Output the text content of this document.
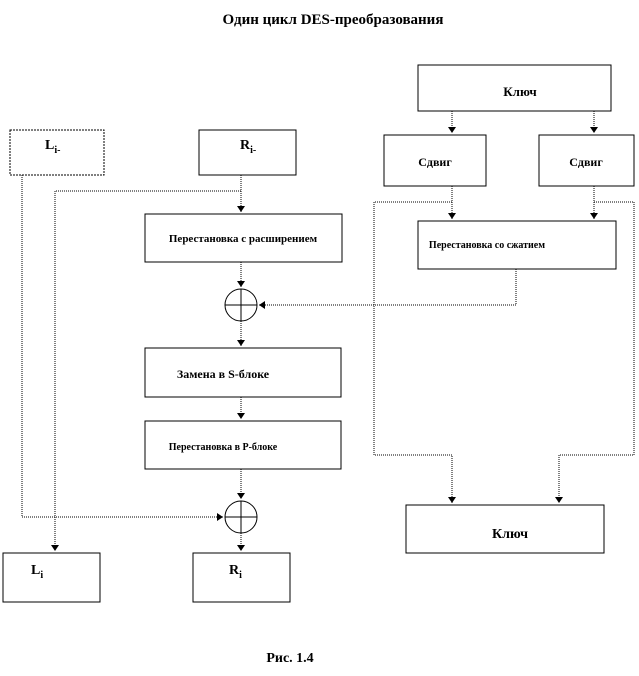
Один цикл DES-преобразования
$L_{i-}$	$R_{i-}$
Ключ
Сдвиг	Сдвиг
Перестановка с расширением
Перестановка со сжатием
Замена в S-блоке
Перестановка в Р-блоке
$L_i$	$R_i$
Ключ
Рис. 1.4
